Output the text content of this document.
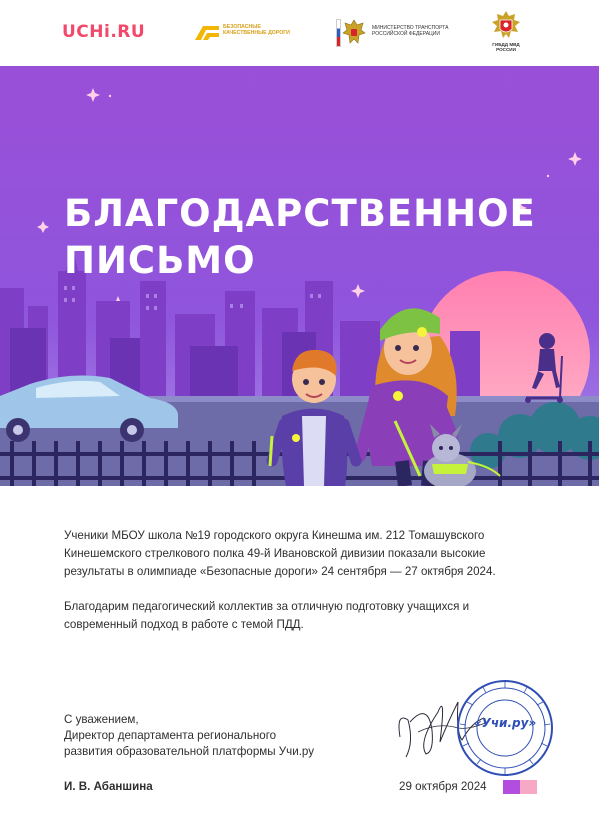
UCHi.RU	БЕЗОПАСНЫЕ КАЧЕСТВЕННЫЕ ДОРОГИ
МИНИСТЕРСТВО ТРАНСПОРТА РОССИЙСКОЙ ФЕДЕРАЦИИ
ГИБДД МВД РОССИИ
БЛАГОДАРСТВЕННОЕ
ПИСЬМО

Ученики МБОУ школа №19 городского округа Кинешма им. 212 Томашувского Кинешемского стрелкового полка 49-й Ивановской дивизии показали высокие результаты в олимпиаде «Безопасные дороги» 24 сентября — 27 октября 2024.

Благодарим педагогический коллектив за отличную подготовку учащихся и современный подход в работе с темой ПДД.

С уважением,
Директор департамента регионального
развития образовательной платформы Учи.ру
«Учи.ру»
И. В. Абаншина	29 октября 2024
